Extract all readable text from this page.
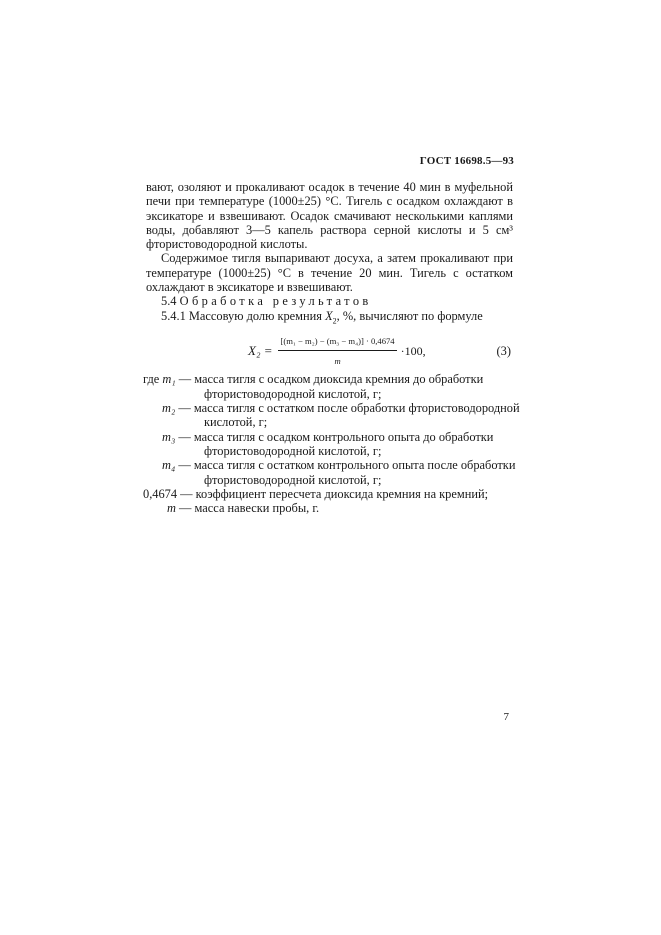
ГОСТ 16698.5—93

вают, озоляют и прокаливают осадок в течение 40 мин в муфельной печи при температуре (1000±25) °С. Тигель с осадком охлаждают в эксикаторе и взвешивают. Осадок смачивают несколькими каплями воды, добавляют 3—5 капель раствора серной кислоты и 5 см³ фтористоводородной кислоты.

Содержимое тигля выпаривают досуха, а затем прокаливают при температуре (1000±25) °С в течение 20 мин. Тигель с остатком охлаждают в эксикаторе и взвешивают.

5.4 Обработка результатов

5.4.1 Массовую долю кремния $X_2$, %, вычисляют по формуле

$X_2 = \frac{\text{[(m₁ − m₂) − (m₃ − m₄)] · 0,4674}}{m} \cdot 100$,	(3)
где m₁ — масса тигля с осадком диоксида кремния до обработки
фтористоводородной кислотой, г;
m₂ — масса тигля с остатком после обработки фтористоводородной
кислотой, г;
m₃ — масса тигля с осадком контрольного опыта до обработки
фтористоводородной кислотой, г;
m₄ — масса тигля с остатком контрольного опыта после обработки
фтористоводородной кислотой, г;
0,4674 — коэффициент пересчета диоксида кремния на кремний;
m — масса навески пробы, г.
7
